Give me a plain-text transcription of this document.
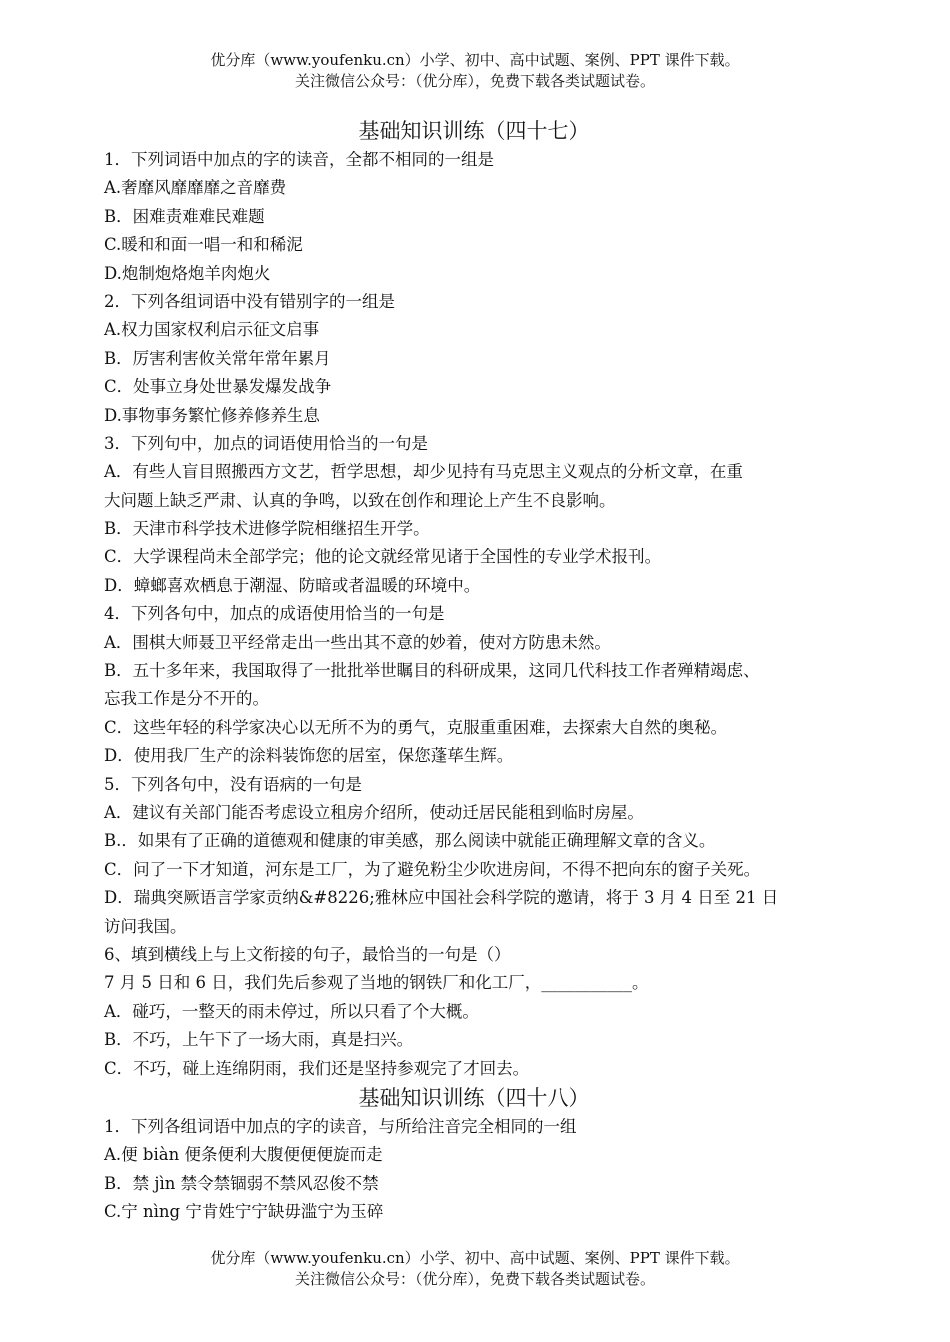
优分库（www.youfenku.cn）小学、初中、高中试题、案例、PPT 课件下载。
关注微信公众号：（优分库），免费下载各类试题试卷。
基础知识训练（四十七）
1．下列词语中加点的字的读音，全都不相同的一组是
A.奢靡风靡靡靡之音靡费
B．困难责难难民难题
C.暖和和面一唱一和和稀泥
D.炮制炮烙炮羊肉炮火
2．下列各组词语中没有错别字的一组是
A.权力国家权利启示征文启事
B．厉害利害攸关常年常年累月
C．处事立身处世暴发爆发战争
D.事物事务繁忙修养修养生息
3．下列句中，加点的词语使用恰当的一句是
A．有些人盲目照搬西方文艺，哲学思想，却少见持有马克思主义观点的分析文章，在重
大问题上缺乏严肃、认真的争鸣，以致在创作和理论上产生不良影响。
B．天津市科学技术进修学院相继招生开学。
C．大学课程尚未全部学完；他的论文就经常见诸于全国性的专业学术报刊。
D．蟑螂喜欢栖息于潮湿、防暗或者温暖的环境中。
4．下列各句中，加点的成语使用恰当的一句是
A．围棋大师聂卫平经常走出一些出其不意的妙着，使对方防患未然。
B．五十多年来，我国取得了一批批举世瞩目的科研成果，这同几代科技工作者殚精竭虑、
忘我工作是分不开的。
C．这些年轻的科学家决心以无所不为的勇气，克服重重困难，去探索大自然的奥秘。
D．使用我厂生产的涂料装饰您的居室，保您蓬荜生辉。
5．下列各句中，没有语病的一句是
A．建议有关部门能否考虑设立租房介绍所，使动迁居民能租到临时房屋。
B.．如果有了正确的道德观和健康的审美感，那么阅读中就能正确理解文章的含义。
C．问了一下才知道，河东是工厂，为了避免粉尘少吹进房间，不得不把向东的窗子关死。
D．瑞典突厥语言学家贡纳&#8226;雅林应中国社会科学院的邀请，将于 3 月 4 日至 21 日
访问我国。
6、填到横线上与上文衔接的句子，最恰当的一句是（）
7 月 5 日和 6 日，我们先后参观了当地的钢铁厂和化工厂，___________。
A．碰巧，一整天的雨未停过，所以只看了个大概。
B．不巧，上午下了一场大雨，真是扫兴。
C．不巧，碰上连绵阴雨，我们还是坚持参观完了才回去。
基础知识训练（四十八）
1．下列各组词语中加点的字的读音，与所给注音完全相同的一组
A.便 biàn 便条便利大腹便便便旋而走
B．禁 jìn 禁令禁锢弱不禁风忍俊不禁
C.宁 nìng 宁肯姓宁宁缺毋滥宁为玉碎
优分库（www.youfenku.cn）小学、初中、高中试题、案例、PPT 课件下载。
关注微信公众号：（优分库），免费下载各类试题试卷。
